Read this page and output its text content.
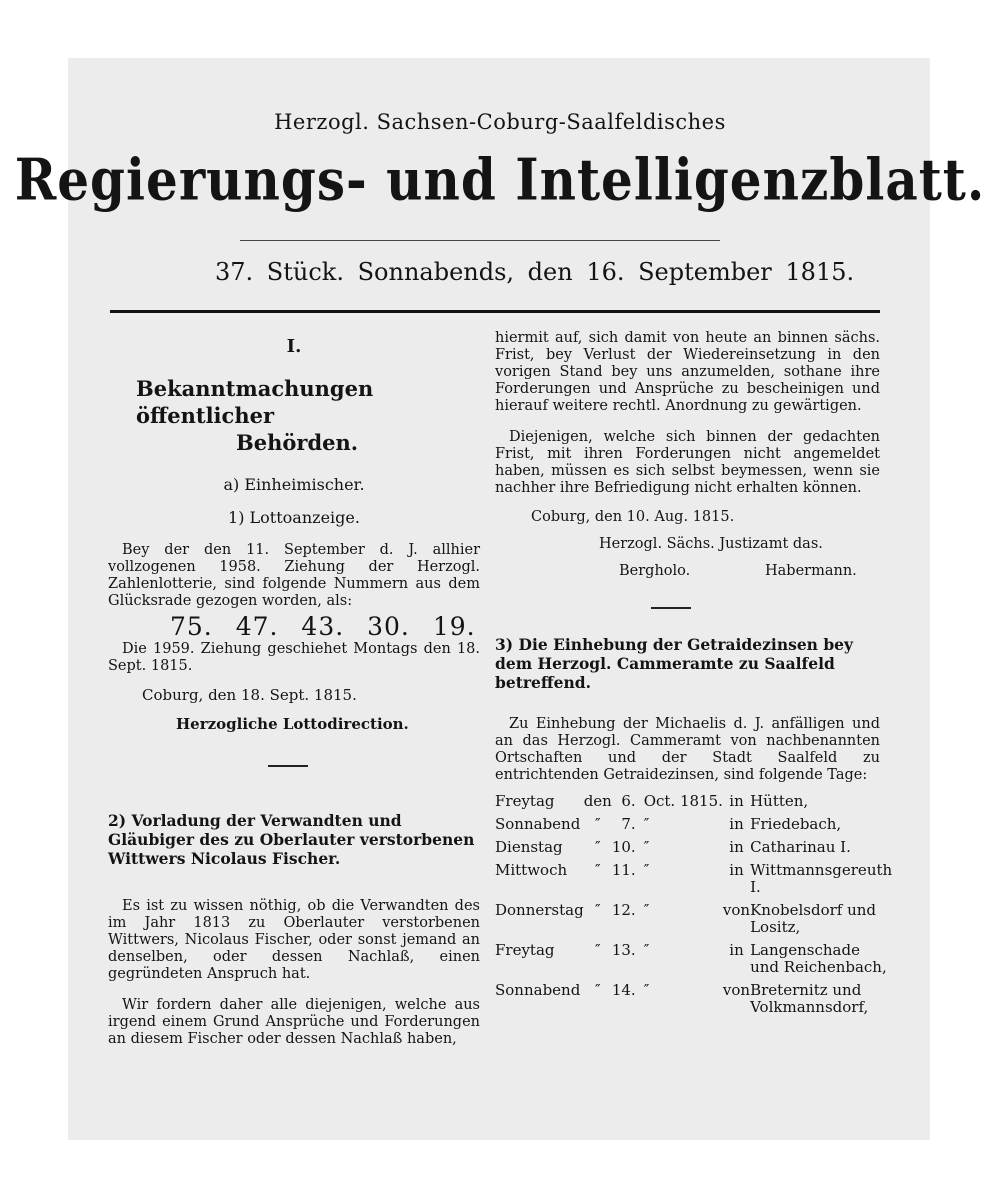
Herzogl. Sachsen-Coburg-Saalfeldisches
Regierungs- und Intelligenzblatt.
37. Stück. Sonnabends, den 16. September 1815.
I.
Bekanntmachungen öffentlicher
Behörden.
a) Einheimischer.
1) Lottoanzeige.
Bey der den 11. September d. J. allhier vollzogenen 1958. Ziehung der Herzogl. Zahlenlotterie, sind folgende Nummern aus dem Glücksrade gezogen worden, als:
75. 47. 43. 30. 19.
Die 1959. Ziehung geschiehet Montags den 18. Sept. 1815.
Coburg, den 18. Sept. 1815.
Herzogliche Lottodirection.
2) Vorladung der Verwandten und Gläubiger des zu Oberlauter verstorbenen Wittwers Nicolaus Fischer.
Es ist zu wissen nöthig, ob die Verwandten des im Jahr 1813 zu Oberlauter verstorbenen Wittwers, Nicolaus Fischer, oder sonst jemand an denselben, oder dessen Nachlaß, einen gegründeten Anspruch hat.
Wir fordern daher alle diejenigen, welche aus irgend einem Grund Ansprüche und Forderungen an diesem Fischer oder dessen Nachlaß haben,
hiermit auf, sich damit von heute an binnen sächs. Frist, bey Verlust der Wiedereinsetzung in den vorigen Stand bey uns anzumelden, sothane ihre Forderungen und Ansprüche zu bescheinigen und hierauf weitere rechtl. Anordnung zu gewärtigen.
Diejenigen, welche sich binnen der gedachten Frist, mit ihren Forderungen nicht angemeldet haben, müssen es sich selbst beymessen, wenn sie nachher ihre Befriedigung nicht erhalten können.
Coburg, den 10. Aug. 1815.
Herzogl. Sächs. Justizamt das.
Bergholo.	Habermann.
3) Die Einhebung der Getraidezinsen bey dem Herzogl. Cammeramte zu Saalfeld betreffend.
Zu Einhebung der Michaelis d. J. anfälligen und an das Herzogl. Cammeramt von nachbenannten Ortschaften und der Stadt Saalfeld zu entrichtenden Getraidezinsen, sind folgende Tage:
Freytag	den	6.	Oct. 1815.	in	Hütten,
Sonnabend	″	7.	″	in	Friedebach,
Dienstag	″	10.	″	in	Catharinau I.
Mittwoch	″	11.	″	in	Wittmannsgereuth I.
Donnerstag	″	12.	″	von	Knobelsdorf und Lositz,
Freytag	″	13.	″	in	Langenschade und Reichenbach,
Sonnabend	″	14.	″	von	Breternitz und Volkmannsdorf,
